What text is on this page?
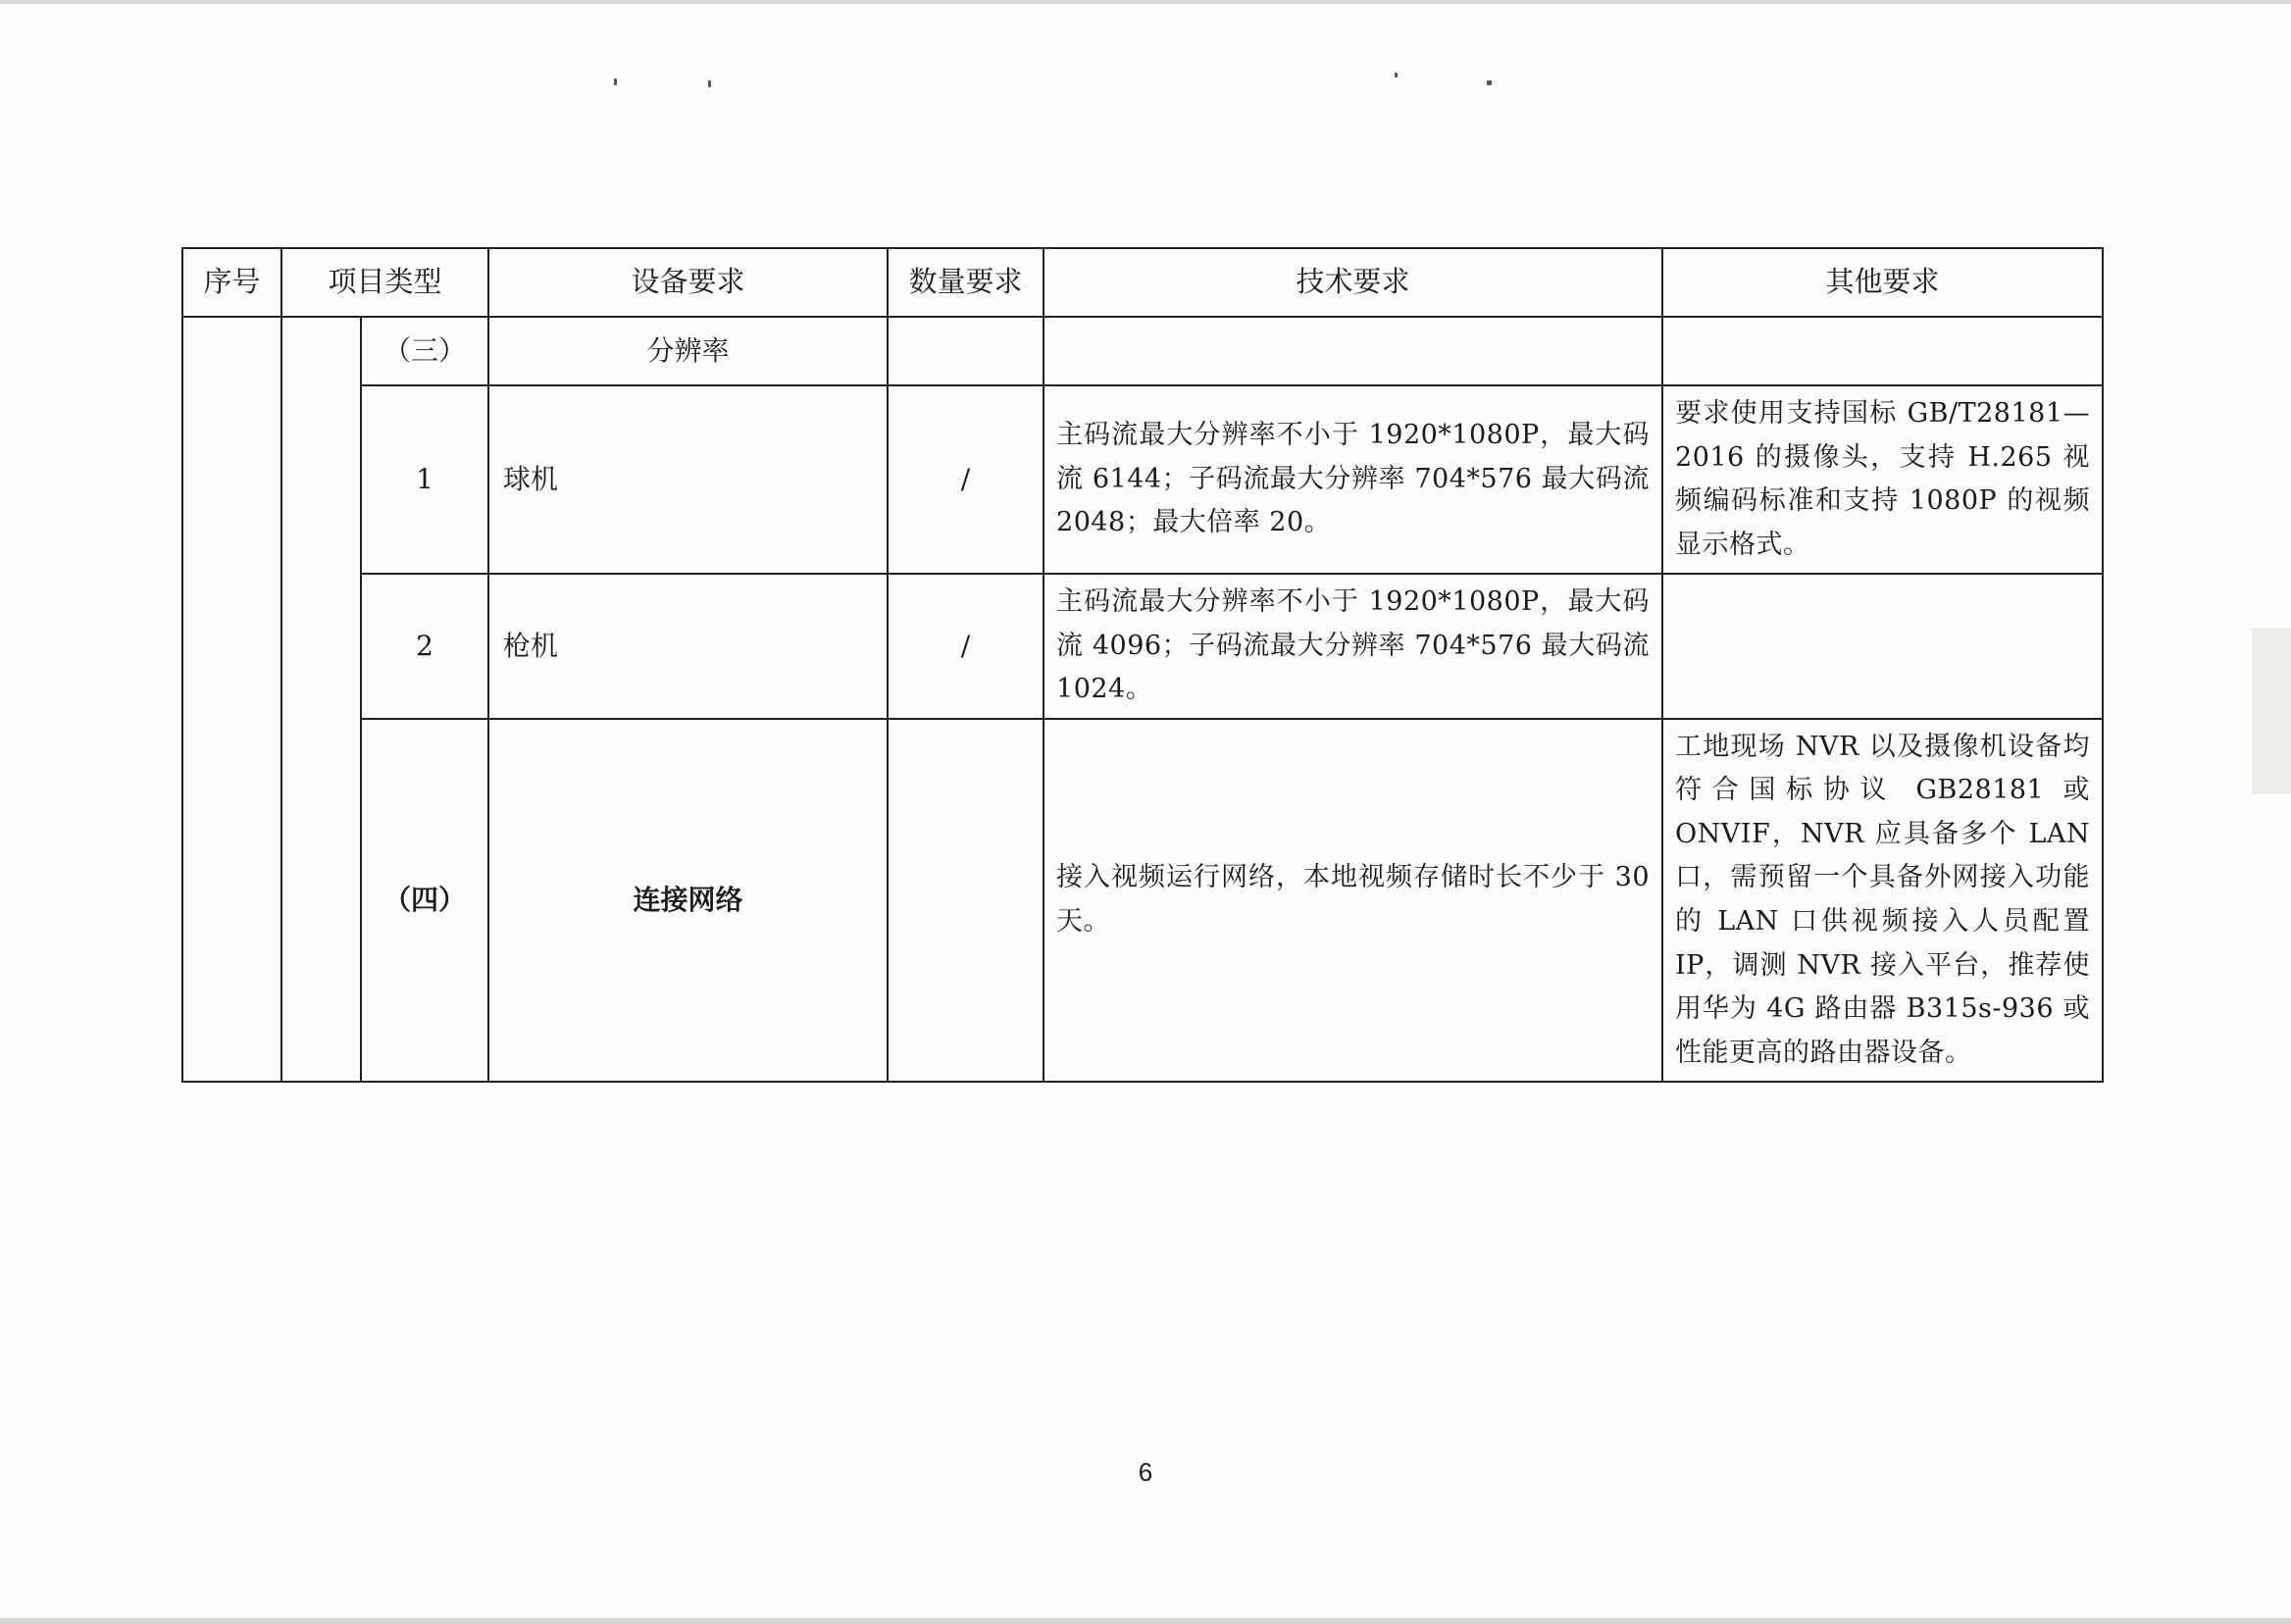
序号	项目类型		设备要求	数量要求	技术要求	其他要求
		（三）	分辨率			
		1	球机	/	主码流最大分辨率不小于 1920*1080P，最大码流 6144；子码流最大分辨率 704*576 最大码流 2048；最大倍率 20。	要求使用支持国标 GB/T28181—2016 的摄像头，支持 H.265 视频编码标准和支持 1080P 的视频显示格式。
		2	枪机	/	主码流最大分辨率不小于 1920*1080P，最大码流 4096；子码流最大分辨率 704*576 最大码流 1024。	
		（四）	连接网络		接入视频运行网络，本地视频存储时长不少于 30 天。	工地现场 NVR 以及摄像机设备均符合国标协议 GB28181 或 ONVIF，NVR 应具备多个 LAN 口，需预留一个具备外网接入功能的 LAN 口供视频接入人员配置 IP，调测 NVR 接入平台，推荐使用华为 4G 路由器 B315s-936 或性能更高的路由器设备。
6
